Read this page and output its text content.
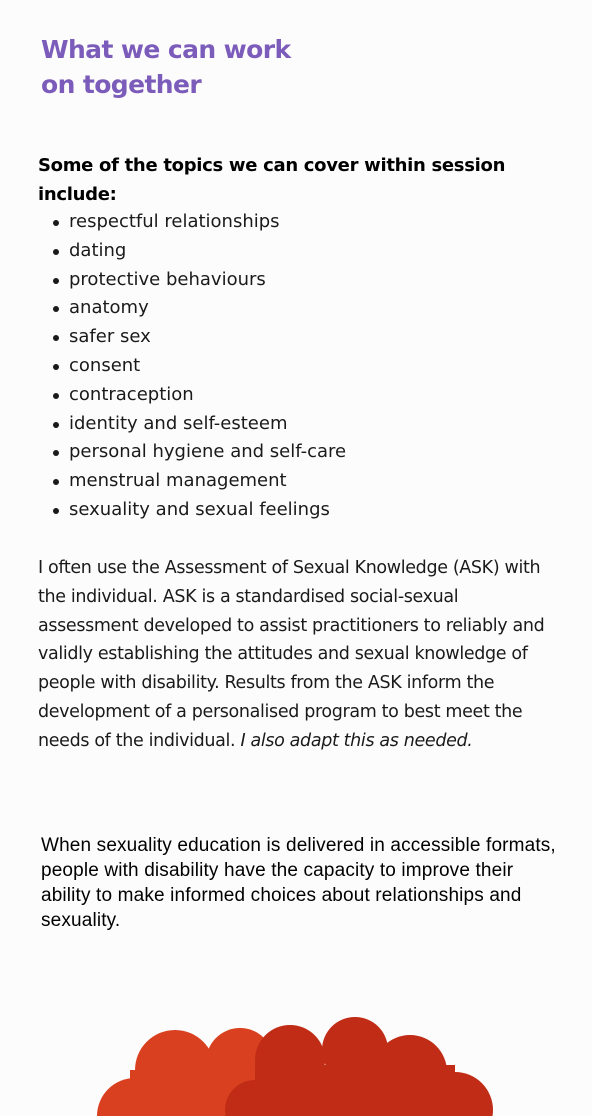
What we can work
on together

Some of the topics we can cover within session include:

respectful relationships
dating
protective behaviours
anatomy
safer sex
consent
contraception
identity and self-esteem
personal hygiene and self-care
menstrual management
sexuality and sexual feelings

I often use the Assessment of Sexual Knowledge (ASK) with the individual. ASK is a standardised social-sexual assessment developed to assist practitioners to reliably and validly establishing the attitudes and sexual knowledge of people with disability. Results from the ASK inform the development of a personalised program to best meet the needs of the individual. I also adapt this as needed.

When sexuality education is delivered in accessible formats, people with disability have the capacity to improve their ability to make informed choices about relationships and sexuality.
